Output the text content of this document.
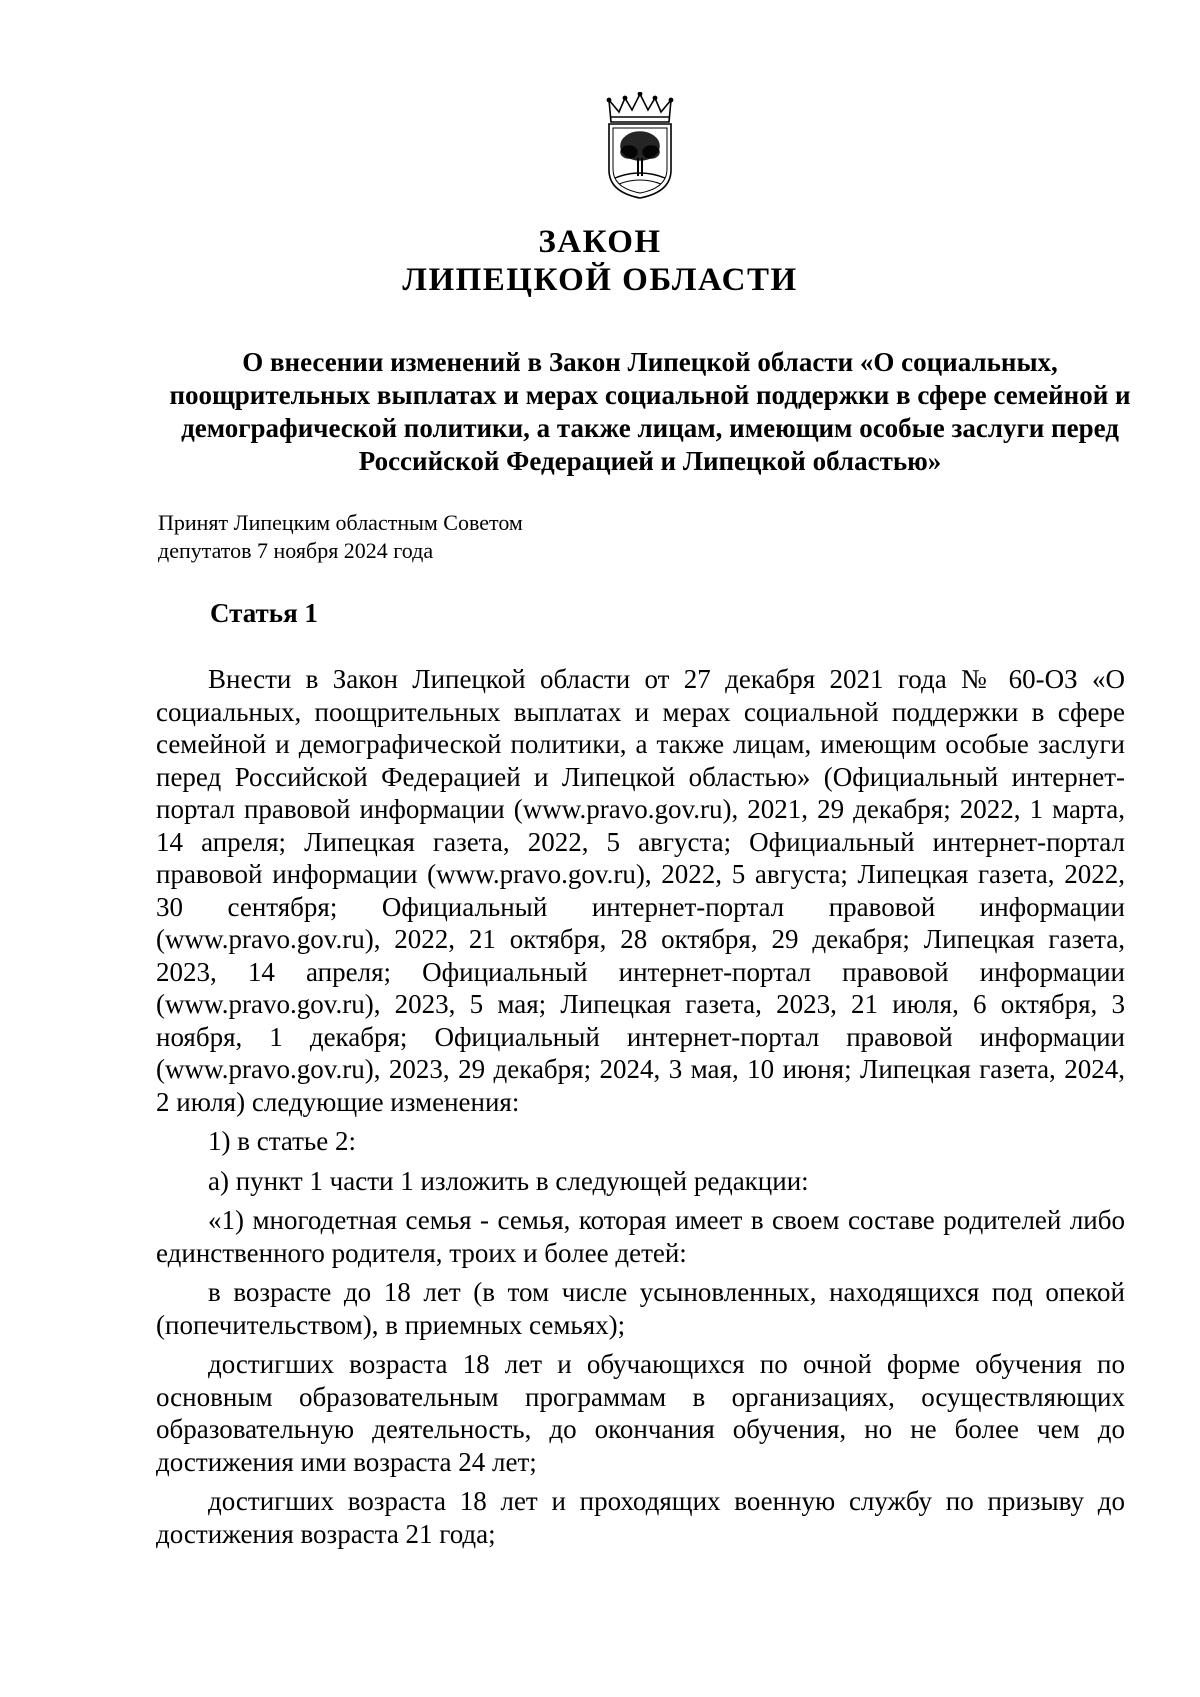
ЗАКОН
ЛИПЕЦКОЙ ОБЛАСТИ
О внесении изменений в Закон Липецкой области «О социальных, поощрительных выплатах и мерах социальной поддержки в сфере семейной и демографической политики, а также лицам, имеющим особые заслуги перед Российской Федерацией и Липецкой областью»
Принят Липецким областным Советом
депутатов 7 ноября 2024 года
Статья 1

Внести в Закон Липецкой области от 27 декабря 2021 года № 60-ОЗ «О социальных, поощрительных выплатах и мерах социальной поддержки в сфере семейной и демографической политики, а также лицам, имеющим особые заслуги перед Российской Федерацией и Липецкой областью» (Официальный интернет-портал правовой информации (www.pravo.gov.ru), 2021, 29 декабря; 2022, 1 марта, 14 апреля; Липецкая газета, 2022, 5 августа; Официальный интернет-портал правовой информации (www.pravo.gov.ru), 2022, 5 августа; Липецкая газета, 2022, 30 сентября; Официальный интернет-портал правовой информации (www.pravo.gov.ru), 2022, 21 октября, 28 октября, 29 декабря; Липецкая газета, 2023, 14 апреля; Официальный интернет-портал правовой информации (www.pravo.gov.ru), 2023, 5 мая; Липецкая газета, 2023, 21 июля, 6 октября, 3 ноября, 1 декабря; Официальный интернет-портал правовой информации (www.pravo.gov.ru), 2023, 29 декабря; 2024, 3 мая, 10 июня; Липецкая газета, 2024, 2 июля) следующие изменения:

1) в статье 2:

а) пункт 1 части 1 изложить в следующей редакции:

«1) многодетная семья - семья, которая имеет в своем составе родителей либо единственного родителя, троих и более детей:

в возрасте до 18 лет (в том числе усыновленных, находящихся под опекой (попечительством), в приемных семьях);

достигших возраста 18 лет и обучающихся по очной форме обучения по основным образовательным программам в организациях, осуществляющих образовательную деятельность, до окончания обучения, но не более чем до достижения ими возраста 24 лет;

достигших возраста 18 лет и проходящих военную службу по призыву до достижения возраста 21 года;
